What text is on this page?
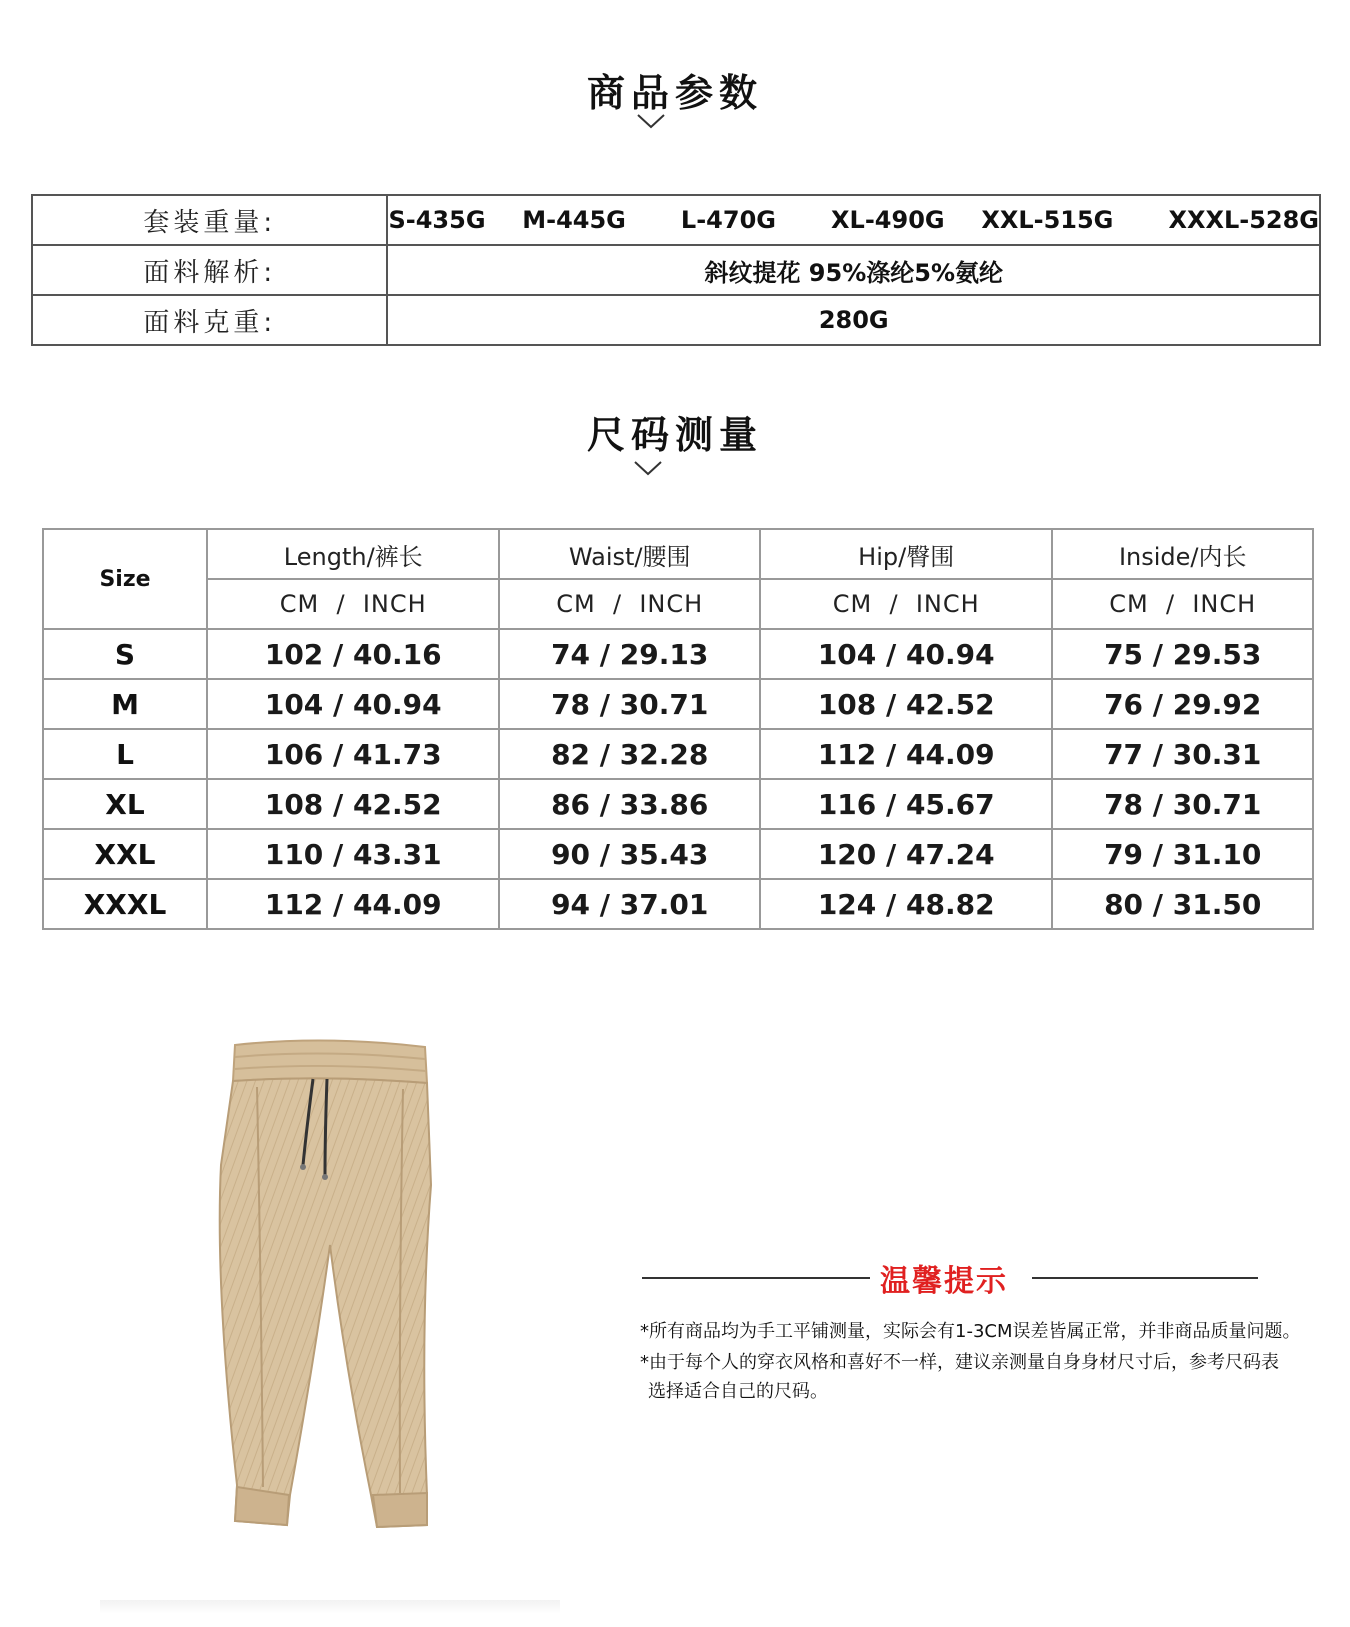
商品参数
套装重量:	S-435G  M-445G   L-470G   XL-490G  XXL-515G   XXXL-528G
面料解析:	斜纹提花 95%涤纶5%氨纶
面料克重:	280G
尺码测量
Size	Length/裤长	Waist/腰围	Hip/臀围	Inside/内长
	CM  /  INCH	CM  /  INCH	CM  /  INCH	CM  /  INCH
S	102 / 40.16	74 / 29.13	104 / 40.94	75 / 29.53
M	104 / 40.94	78 / 30.71	108 / 42.52	76 / 29.92
L	106 / 41.73	82 / 32.28	112 / 44.09	77 / 30.31
XL	108 / 42.52	86 / 33.86	116 / 45.67	78 / 30.71
XXL	110 / 43.31	90 / 35.43	120 / 47.24	79 / 31.10
XXXL	112 / 44.09	94 / 37.01	124 / 48.82	80 / 31.50
温馨提示
*所有商品均为手工平铺测量，实际会有1-3CM误差皆属正常，并非商品质量问题。
*由于每个人的穿衣风格和喜好不一样，建议亲测量自身身材尺寸后，参考尺码表
选择适合自己的尺码。
